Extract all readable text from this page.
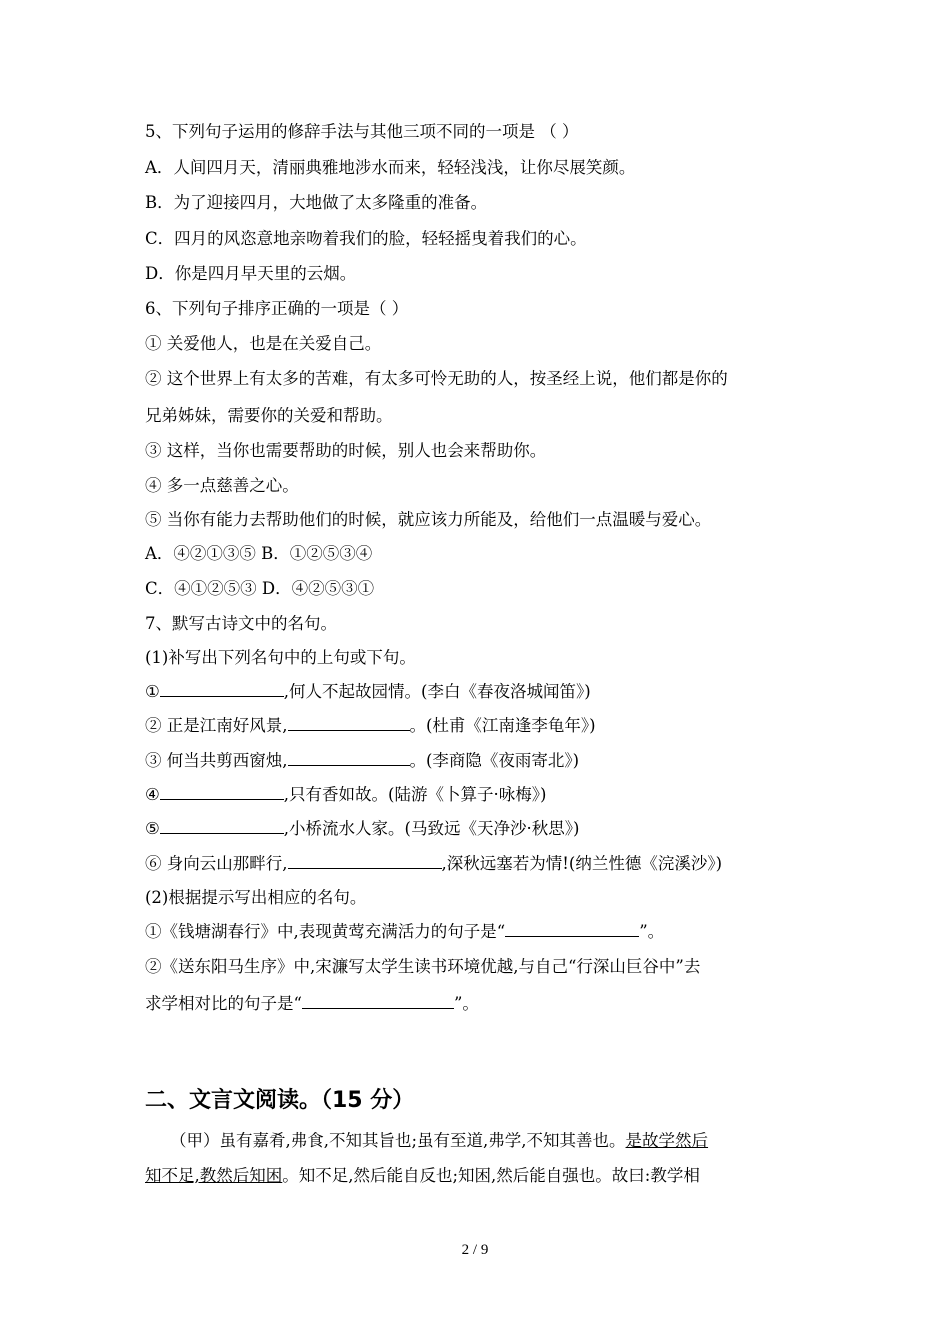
5、下列句子运用的修辞手法与其他三项不同的一项是 （ ）
A．人间四月天，清丽典雅地涉水而来，轻轻浅浅，让你尽展笑颜。
B．为了迎接四月，大地做了太多隆重的准备。
C．四月的风恣意地亲吻着我们的脸，轻轻摇曳着我们的心。
D．你是四月早天里的云烟。
6、下列句子排序正确的一项是（ ）
① 关爱他人，也是在关爱自己。
② 这个世界上有太多的苦难，有太多可怜无助的人，按圣经上说，他们都是你的
兄弟姊妹，需要你的关爱和帮助。
③ 这样，当你也需要帮助的时候，别人也会来帮助你。
④ 多一点慈善之心。
⑤ 当你有能力去帮助他们的时候，就应该力所能及，给他们一点温暖与爱心。
A．④②①③⑤ B．①②⑤③④
C．④①②⑤③ D．④②⑤③①
7、默写古诗文中的名句。
(1)补写出下列名句中的上句或下句。
①	,何人不起故园情。(李白《春夜洛城闻笛》)
② 正是江南好风景,	。(杜甫《江南逢李龟年》)
③ 何当共剪西窗烛,	。(李商隐《夜雨寄北》)
④	,只有香如故。(陆游《卜算子·咏梅》)
⑤	,小桥流水人家。(马致远《天净沙·秋思》)
⑥ 身向云山那畔行,	,深秋远塞若为情!(纳兰性德《浣溪沙》)
(2)根据提示写出相应的名句。
①《钱塘湖春行》中,表现黄莺充满活力的句子是“	”。
②《送东阳马生序》中,宋濂写太学生读书环境优越,与自己“行深山巨谷中”去
求学相对比的句子是“	”。
二、文言文阅读。（15 分）
（甲）虽有嘉肴,弗食,不知其旨也;虽有至道,弗学,不知其善也。是故学然后
知不足,教然后知困。知不足,然后能自反也;知困,然后能自强也。故曰:教学相
2 / 9
